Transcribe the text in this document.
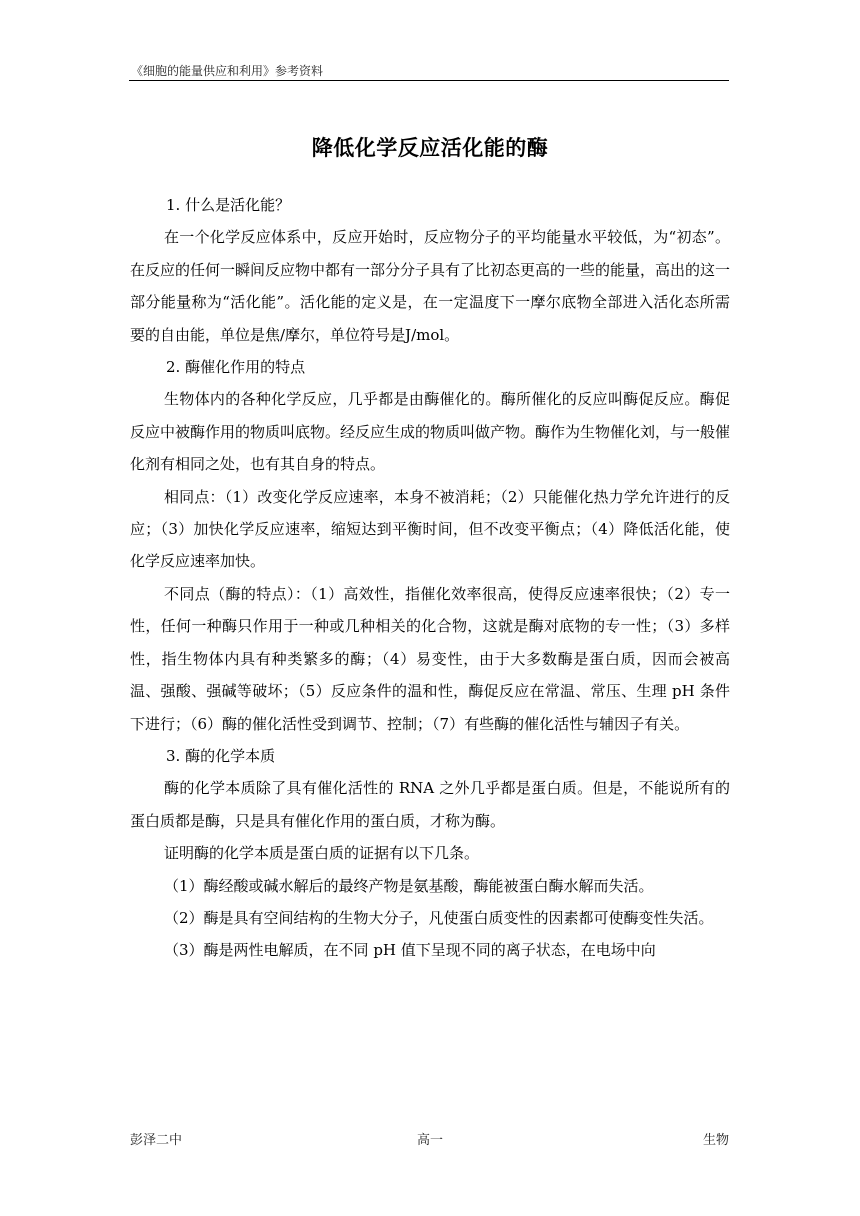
《细胞的能量供应和利用》参考资料
降低化学反应活化能的酶

1. 什么是活化能？

在一个化学反应体系中，反应开始时，反应物分子的平均能量水平较低，为“初态”。在反应的任何一瞬间反应物中都有一部分分子具有了比初态更高的一些的能量，高出的这一部分能量称为“活化能”。活化能的定义是，在一定温度下一摩尔底物全部进入活化态所需要的自由能，单位是焦/摩尔，单位符号是J/mol。

2. 酶催化作用的特点

生物体内的各种化学反应，几乎都是由酶催化的。酶所催化的反应叫酶促反应。酶促反应中被酶作用的物质叫底物。经反应生成的物质叫做产物。酶作为生物催化刘，与一般催化剂有相同之处，也有其自身的特点。

相同点：（1）改变化学反应速率，本身不被消耗；（2）只能催化热力学允许进行的反应；（3）加快化学反应速率，缩短达到平衡时间，但不改变平衡点；（4）降低活化能，使化学反应速率加快。

不同点（酶的特点）：（1）高效性，指催化效率很高，使得反应速率很快；（2）专一性，任何一种酶只作用于一种或几种相关的化合物，这就是酶对底物的专一性；（3）多样性，指生物体内具有种类繁多的酶；（4）易变性，由于大多数酶是蛋白质，因而会被高温、强酸、强碱等破坏；（5）反应条件的温和性，酶促反应在常温、常压、生理 pH 条件下进行；（6）酶的催化活性受到调节、控制；（7）有些酶的催化活性与辅因子有关。

3. 酶的化学本质

酶的化学本质除了具有催化活性的 RNA 之外几乎都是蛋白质。但是，不能说所有的蛋白质都是酶，只是具有催化作用的蛋白质，才称为酶。

证明酶的化学本质是蛋白质的证据有以下几条。

（1）酶经酸或碱水解后的最终产物是氨基酸，酶能被蛋白酶水解而失活。

（2）酶是具有空间结构的生物大分子，凡使蛋白质变性的因素都可使酶变性失活。

（3）酶是两性电解质，在不同 pH 值下呈现不同的离子状态，在电场中向

彭泽二中	高一	生物
